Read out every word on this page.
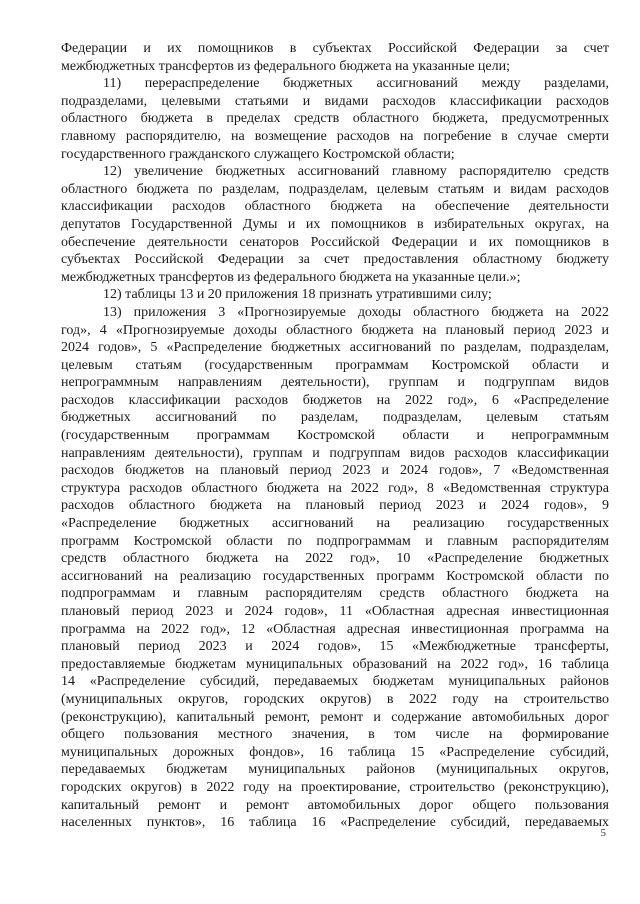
Федерации и их помощников в субъектах Российской Федерации за счет
межбюджетных трансфертов из федерального бюджета на указанные цели;
11) перераспределение бюджетных ассигнований между разделами,
подразделами, целевыми статьями и видами расходов классификации расходов
областного бюджета в пределах средств областного бюджета, предусмотренных
главному распорядителю, на возмещение расходов на погребение в случае смерти
государственного гражданского служащего Костромской области;
12) увеличение бюджетных ассигнований главному распорядителю средств
областного бюджета по разделам, подразделам, целевым статьям и видам расходов
классификации расходов областного бюджета на обеспечение деятельности
депутатов Государственной Думы и их помощников в избирательных округах, на
обеспечение деятельности сенаторов Российской Федерации и их помощников в
субъектах Российской Федерации за счет предоставления областному бюджету
межбюджетных трансфертов из федерального бюджета на указанные цели.»;
12) таблицы 13 и 20 приложения 18 признать утратившими силу;
13) приложения 3 «Прогнозируемые доходы областного бюджета на 2022
год», 4 «Прогнозируемые доходы областного бюджета на плановый период 2023 и
2024 годов», 5 «Распределение бюджетных ассигнований по разделам, подразделам,
целевым статьям (государственным программам Костромской области и
непрограммным направлениям деятельности), группам и подгруппам видов
расходов классификации расходов бюджетов на 2022 год», 6 «Распределение
бюджетных ассигнований по разделам, подразделам, целевым статьям
(государственным программам Костромской области и непрограммным
направлениям деятельности), группам и подгруппам видов расходов классификации
расходов бюджетов на плановый период 2023 и 2024 годов», 7 «Ведомственная
структура расходов областного бюджета на 2022 год», 8 «Ведомственная структура
расходов областного бюджета на плановый период 2023 и 2024 годов», 9
«Распределение бюджетных ассигнований на реализацию государственных
программ Костромской области по подпрограммам и главным распорядителям
средств областного бюджета на 2022 год», 10 «Распределение бюджетных
ассигнований на реализацию государственных программ Костромской области по
подпрограммам и главным распорядителям средств областного бюджета на
плановый период 2023 и 2024 годов», 11 «Областная адресная инвестиционная
программа на 2022 год», 12 «Областная адресная инвестиционная программа на
плановый период 2023 и 2024 годов», 15 «Межбюджетные трансферты,
предоставляемые бюджетам муниципальных образований на 2022 год», 16 таблица
14 «Распределение субсидий, передаваемых бюджетам муниципальных районов
(муниципальных округов, городских округов) в 2022 году на строительство
(реконструкцию), капитальный ремонт, ремонт и содержание автомобильных дорог
общего пользования местного значения, в том числе на формирование
муниципальных дорожных фондов», 16 таблица 15 «Распределение субсидий,
передаваемых бюджетам муниципальных районов (муниципальных округов,
городских округов) в 2022 году на проектирование, строительство (реконструкцию),
капитальный ремонт и ремонт автомобильных дорог общего пользования
населенных пунктов», 16 таблица 16 «Распределение субсидий, передаваемых
5
